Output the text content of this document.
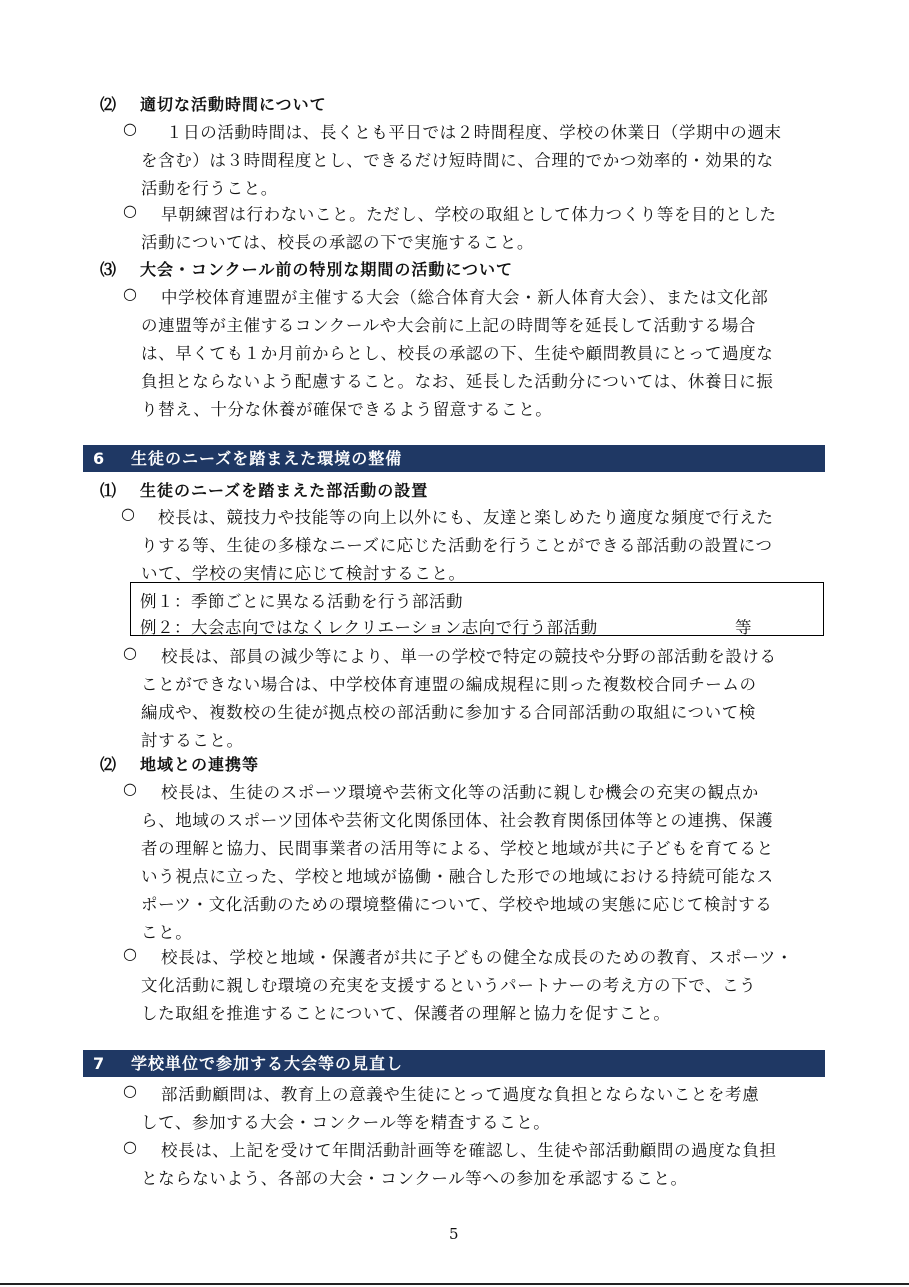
⑵ 適切な活動時間について
○ １日の活動時間は、長くとも平日では２時間程度、学校の休業日（学期中の週末
を含む）は３時間程度とし、できるだけ短時間に、合理的でかつ効率的・効果的な
活動を行うこと。
○ 早朝練習は行わないこと。ただし、学校の取組として体力つくり等を目的とした
活動については、校長の承認の下で実施すること。
⑶ 大会・コンクール前の特別な期間の活動について
○ 中学校体育連盟が主催する大会（総合体育大会・新人体育大会）、または文化部
の連盟等が主催するコンクールや大会前に上記の時間等を延長して活動する場合
は、早くても１か月前からとし、校長の承認の下、生徒や顧問教員にとって過度な
負担とならないよう配慮すること。なお、延長した活動分については、休養日に振
り替え、十分な休養が確保できるよう留意すること。
6 生徒のニーズを踏まえた環境の整備
⑴ 生徒のニーズを踏まえた部活動の設置
○ 校長は、競技力や技能等の向上以外にも、友達と楽しめたり適度な頻度で行えた
りする等、生徒の多様なニーズに応じた活動を行うことができる部活動の設置につ
いて、学校の実情に応じて検討すること。
例１：季節ごとに異なる活動を行う部活動
例２：大会志向ではなくレクリエーション志向で行う部活動	等
○ 校長は、部員の減少等により、単一の学校で特定の競技や分野の部活動を設ける
ことができない場合は、中学校体育連盟の編成規程に則った複数校合同チームの
編成や、複数校の生徒が拠点校の部活動に参加する合同部活動の取組について検
討すること。
⑵ 地域との連携等
○ 校長は、生徒のスポーツ環境や芸術文化等の活動に親しむ機会の充実の観点か
ら、地域のスポーツ団体や芸術文化関係団体、社会教育関係団体等との連携、保護
者の理解と協力、民間事業者の活用等による、学校と地域が共に子どもを育てると
いう視点に立った、学校と地域が協働・融合した形での地域における持続可能なス
ポーツ・文化活動のための環境整備について、学校や地域の実態に応じて検討する
こと。
○ 校長は、学校と地域・保護者が共に子どもの健全な成長のための教育、スポーツ・
文化活動に親しむ環境の充実を支援するというパートナーの考え方の下で、こう
した取組を推進することについて、保護者の理解と協力を促すこと。
7 学校単位で参加する大会等の見直し
○ 部活動顧問は、教育上の意義や生徒にとって過度な負担とならないことを考慮
して、参加する大会・コンクール等を精査すること。
○ 校長は、上記を受けて年間活動計画等を確認し、生徒や部活動顧問の過度な負担
とならないよう、各部の大会・コンクール等への参加を承認すること。
5
